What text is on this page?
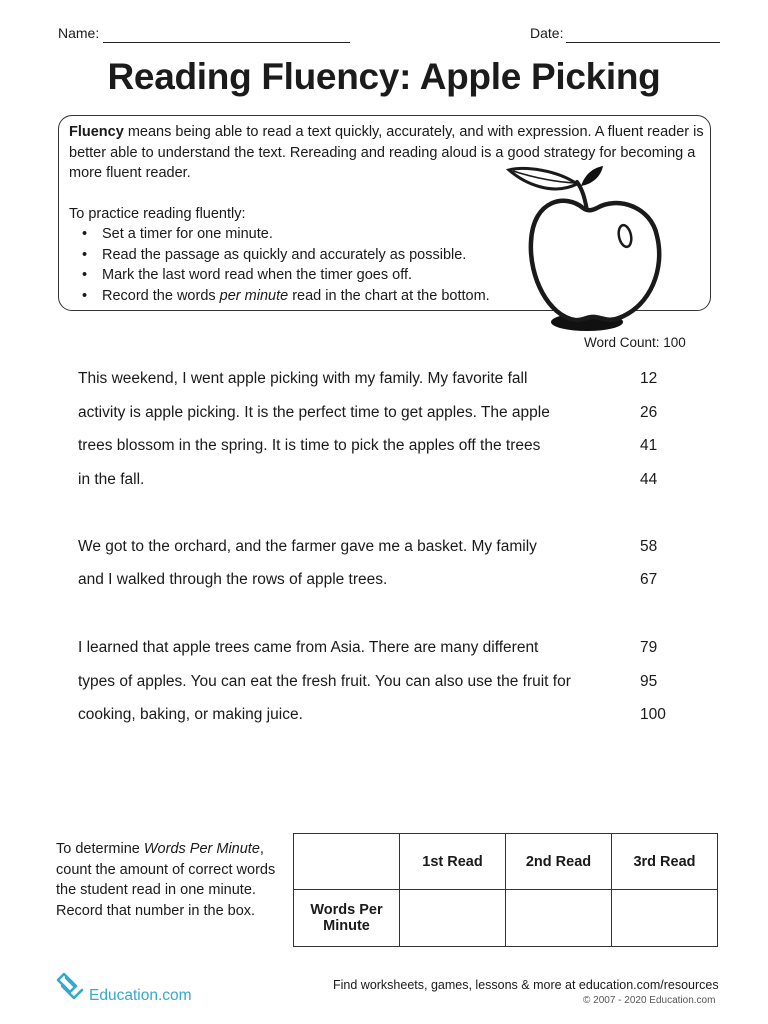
Name:	Date:
Reading Fluency: Apple Picking
Fluency means being able to read a text quickly, accurately, and with expression. A fluent reader is better able to understand the text. Rereading and reading aloud is a good strategy for becoming a more fluent reader.
To practice reading fluently:
• Set a timer for one minute.
• Read the passage as quickly and accurately as possible.
• Mark the last word read when the timer goes off.
• Record the words per minute read in the chart at the bottom.
Word Count: 100
This weekend, I went apple picking with my family. My favorite fall	12
activity is apple picking. It is the perfect time to get apples. The apple	26
trees blossom in the spring. It is time to pick the apples off the trees	41
in the fall.	44
We got to the orchard, and the farmer gave me a basket. My family	58
and I walked through the rows of apple trees.	67
I learned that apple trees came from Asia. There are many different	79
types of apples. You can eat the fresh fruit. You can also use the fruit for	95
cooking, baking, or making juice.	100
To determine Words Per Minute, count the amount of correct words the student read in one minute. Record that number in the box.
	1st Read	2nd Read	3rd Read
Words Per Minute			
Education.com
Find worksheets, games, lessons & more at education.com/resources
© 2007 - 2020 Education.com
